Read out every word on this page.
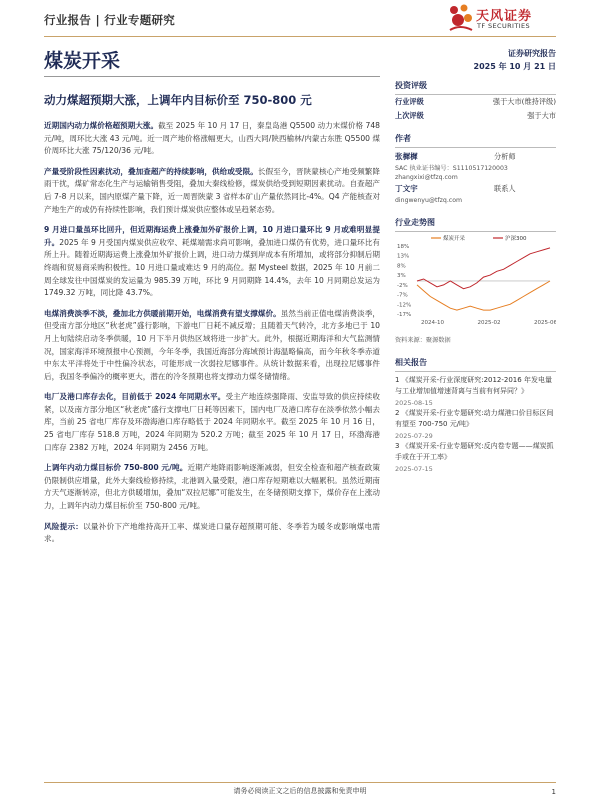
行业报告 | 行业专题研究	天风证券
TF SECURITIES
煤炭开采	证券研究报告
2025 年 10 月 21 日
动力煤超预期大涨，上调年内目标价至 750-800 元

近期国内动力煤价格超预期大涨。截至 2025 年 10 月 17 日，秦皇岛港 Q5500 动力末煤价格 748 元/吨，周环比大涨 43 元/吨。近一周产地价格涨幅更大，山西大同/陕西榆林/内蒙古东胜 Q5500 煤价周环比大涨 75/120/36 元/吨。

产量受阶段性因素扰动，叠加查超产的持续影响，供给或受限。长假至今，晋陕蒙核心产地受频繁降雨干扰，煤矿常态化生产与运输销售受阻，叠加大秦线检修，煤炭供给受到短期因素扰动。自查超产后 7-8 月以来，国内原煤产量下降，近一周晋陕蒙 3 省样本矿山产量依然同比-4%。Q4 产能核查对产地生产的或仍有持续性影响，我们预计煤炭供应整体或呈趋紧态势。

9 月进口量虽环比回升，但近期海运费上涨叠加外矿报价上调，10 月进口量环比 9 月或难明显提升。2025 年 9 月受国内煤炭供应收窄、耗煤端需求尚可影响，叠加进口煤仍有优势，进口量环比有所上升。随着近期海运费上涨叠加外矿报价上调，进口动力煤到岸成本有所增加，或将部分抑制后期终端和贸易商采购积极性。10 月进口量或难达 9 月的高位。据 Mysteel 数据，2025 年 10 月前二周全球发往中国煤炭的发运量为 985.39 万吨，环比 9 月同期降 14.4%，去年 10 月同期总发运为 1749.32 万吨，同比降 43.7%。

电煤消费淡季不淡，叠加北方供暖前期开始，电煤消费有望支撑煤价。虽然当前正值电煤消费淡季，但受南方部分地区“秋老虎”盛行影响，下游电厂日耗不减反增；且随着天气转冷，北方多地已于 10 月上旬陆续启动冬季供暖，10 月下半月供热区域将进一步扩大。此外，根据近期海洋和大气监测情况，国家海洋环境预报中心预测，今年冬季，我国近海部分海域预计海温略偏高，而今年秋冬季赤道中东太平洋将处于中性偏冷状态，可能形成一次弱拉尼娜事件。从统计数据来看，出现拉尼娜事件后，我国冬季偏冷的概率更大，潜在的冷冬预期也将支撑动力煤冬储情绪。

电厂及港口库存去化，目前低于 2024 年同期水平。受主产地连续强降雨、安监导致的供应持续收紧，以及南方部分地区“秋老虎”盛行支撑电厂日耗等因素下，国内电厂及港口库存在淡季依然小幅去库，当前 25 省电厂库存及环渤海港口库存略低于 2024 年同期水平。截至 2025 年 10 月 16 日，25 省电厂库存 518.8 万吨，2024 年同期为 520.2 万吨；截至 2025 年 10 月 17 日，环渤海港口库存 2382 万吨，2024 年同期为 2456 万吨。

上调年内动力煤目标价 750-800 元/吨。近期产地降雨影响逐渐减弱，但安全检查和超产核查政策仍限制供应增量，此外大秦线检修持续，北港调入量受限，港口库存短期难以大幅累积。虽然近期南方天气逐渐转凉，但北方供暖增加，叠加“双拉尼娜”可能发生，在冬储预期支撑下，煤价存在上涨动力，上调年内动力煤目标价至 750-800 元/吨。

风险提示：以量补价下产地维持高开工率、煤炭进口量存超预期可能、冬季若为暖冬或影响煤电需求。

投资评级
行业评级	强于大市(维持评级)
上次评级	强于大市
作者
张樨樨	分析师
SAC 执业证书编号：S1110517120003
zhangxixi@tfzq.com
丁文宇	联系人
dingwenyu@tfzq.com
行业走势图
18%
13%
8%
3%
-2%
-7%
-12%
-17%
2024-10	2025-02	2025-06
煤炭开采	沪深300
资料来源：聚源数据
相关报告
1 《煤炭开采-行业深度研究:2012-2016 年发电量与工业增加值增速背离与当前有何异同？》
2025-08-15
2 《煤炭开采-行业专题研究:动力煤港口价目标区间有望至 700-750 元/吨》
2025-07-29
3 《煤炭开采-行业专题研究:反内卷专题——煤炭抓手或在于开工率》
2025-07-15
请务必阅读正文之后的信息披露和免责申明	1
